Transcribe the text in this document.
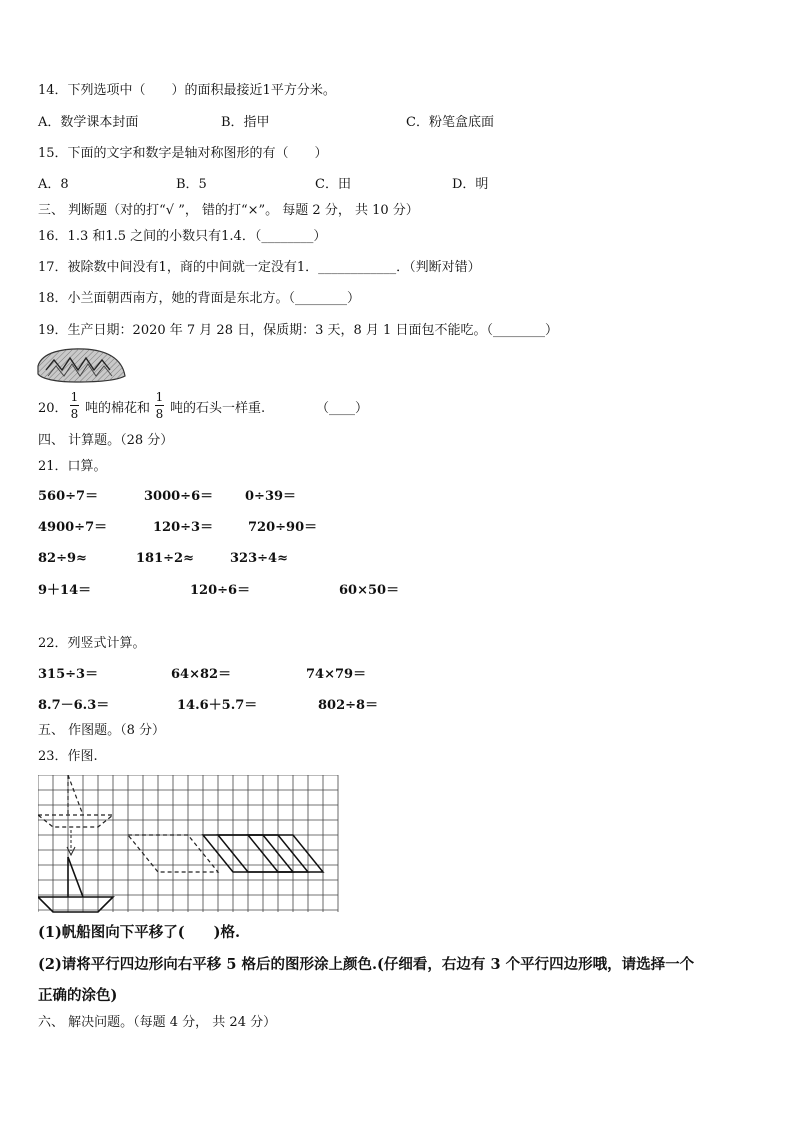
14．下列选项中（　　）的面积最接近1平方分米。
A．数学课本封面	B．指甲	C．粉笔盒底面
15．下面的文字和数字是轴对称图形的有（　　）
A．8	B．5	C．田	D．明
三、 判断题（对的打“√ ”， 错的打“×”。 每题 2 分， 共 10 分）
16．1.3 和1.5 之间的小数只有1.4．（________）
17．被除数中间没有1，商的中间就一定没有1．____________．（判断对错）
18．小兰面朝西南方，她的背面是东北方。（________）
19．生产日期：2020 年 7 月 28 日，保质期：3 天，8 月 1 日面包不能吃。（________）
20．
1
8 吨的棉花和
1
8 吨的石头一样重.	（____）
四、 计算题。（28 分）
21．口算。
560÷7＝	3000÷6＝ 0÷39＝
4900÷7＝	120÷3＝	720÷90＝
82÷9≈	181÷2≈	323÷4≈
9＋14＝	120÷6＝	60×50＝
22．列竖式计算。
315÷3＝	64×82＝	74×79＝
8.7－6.3＝	14.6＋5.7＝	802÷8＝
五、 作图题。（8 分）
23．作图.
(1)帆船图向下平移了(　　)格.
(2)请将平行四边形向右平移 5 格后的图形涂上颜色.(仔细看，右边有 3 个平行四边形哦，请选择一个
正确的涂色)
六、 解决问题。（每题 4 分， 共 24 分）
